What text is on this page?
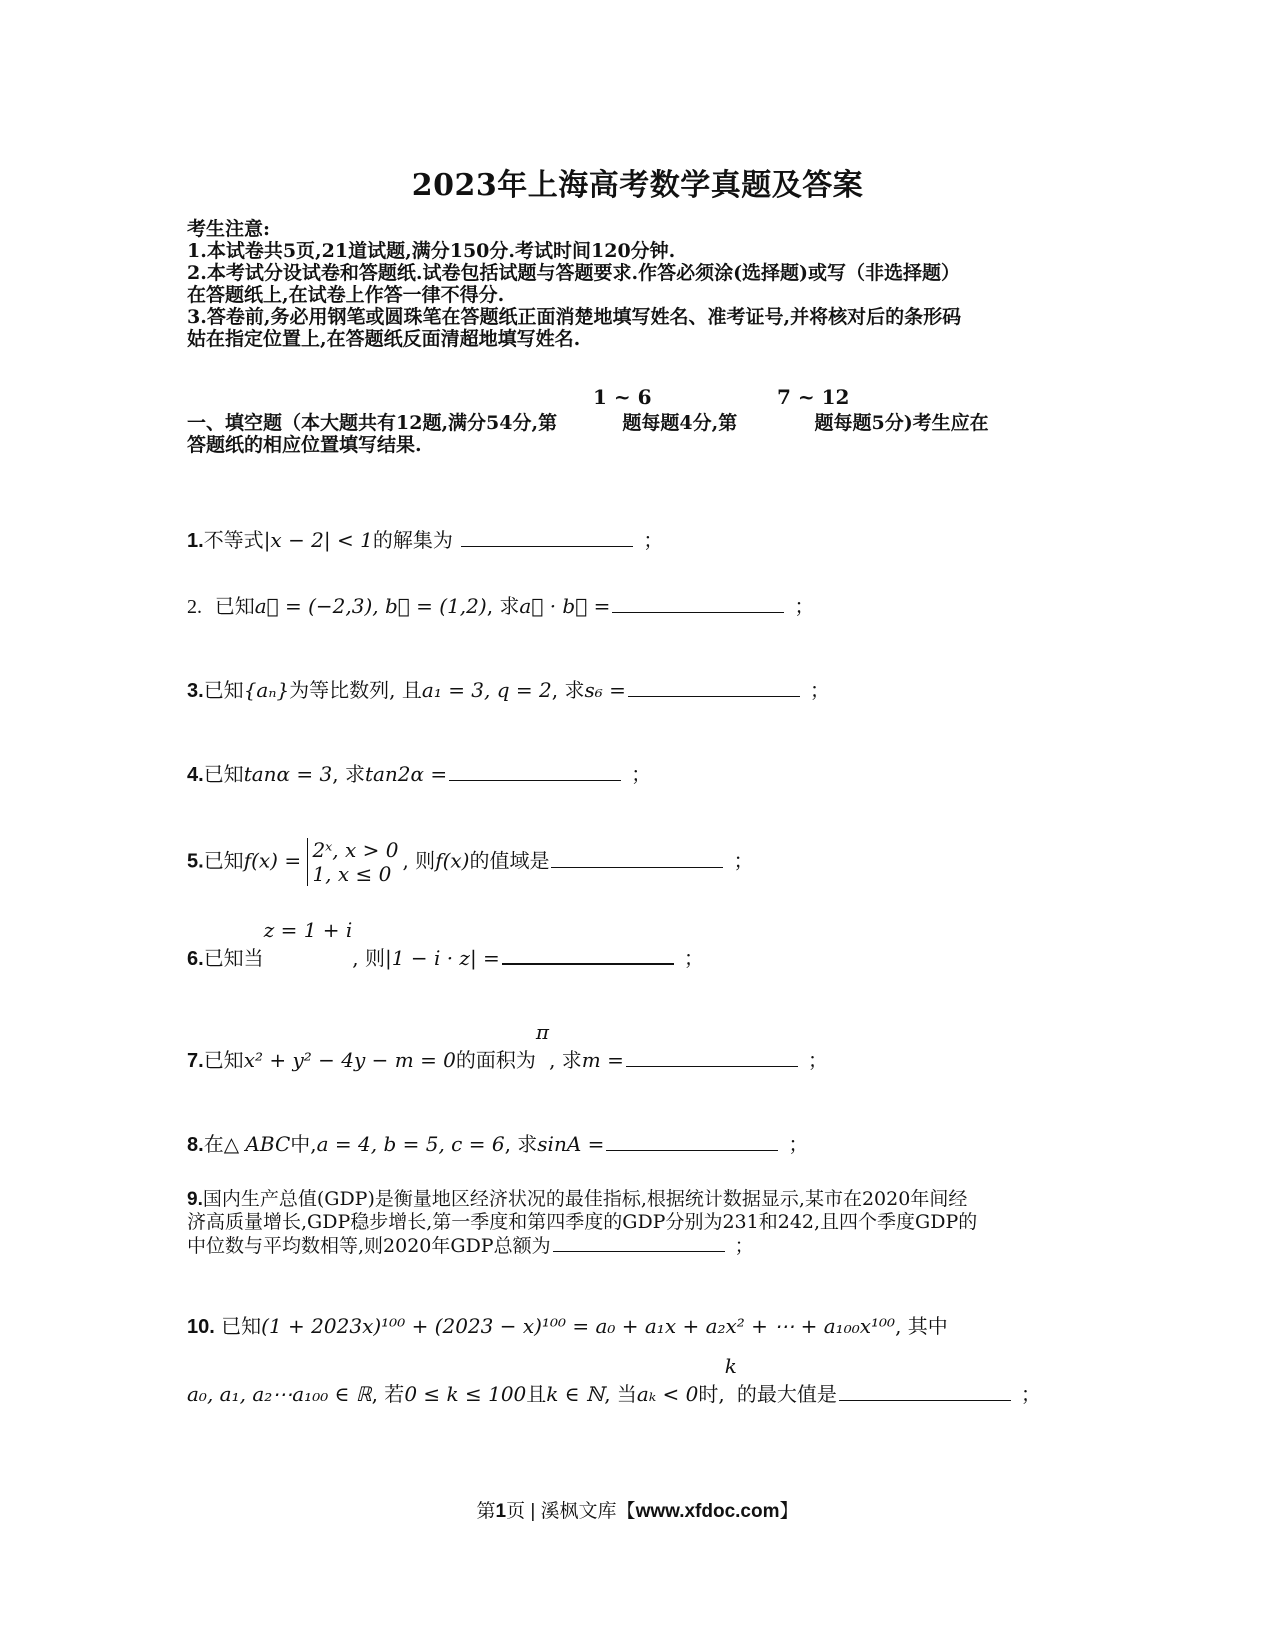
2023年上海高考数学真题及答案
考生注意:
1.本试卷共5页,21道试题,满分150分.考试时间120分钟.
2.本考试分设试卷和答题纸.试卷包括试题与答题要求.作答必须涂(选择题)或写（非选择题）
在答题纸上,在试卷上作答一律不得分.
3.答卷前,务必用钢笔或圆珠笔在答题纸正面消楚地填写姓名、准考证号,并将核对后的条形码
姑在指定位置上,在答题纸反面清超地填写姓名.
一、填空题（本大题共有12题,满分54分,第
1 ~ 6
题每题4分,第
7 ~ 12
题每题5分)考生应在
答题纸的相应位置填写结果.
1.不等式|x − 2| < 1的解集为	；
2. 已知a⃗ = (−2,3), b⃗ = (1,2), 求a⃗ · b⃗ =	；
3.已知{aₙ}为等比数列, 且a₁ = 3, q = 2, 求s₆ =	；
4.已知tanα = 3, 求tan2α =	；
5.已知f(x) = 2ˣ, x > 0
1, x ≤ 0
, 则f(x)的值域是	；
6.已知当z = 1 + i, 则|1 − i · z| =	；
7.已知x² + y² − 4y − m = 0的面积为π, 求m =	；
8.在△ ABC中,a = 4, b = 5, c = 6, 求sinA =	；
9.国内生产总值(GDP)是衡量地区经济状况的最佳指标,根据统计数据显示,某市在2020年间经
济高质量增长,GDP稳步增长,第一季度和第四季度的GDP分别为231和242,且四个季度GDP的
中位数与平均数相等,则2020年GDP总额为	；
10. 已知(1 + 2023x)¹⁰⁰ + (2023 − x)¹⁰⁰ = a₀ + a₁x + a₂x² + ⋯ + a₁₀₀x¹⁰⁰, 其中
a₀, a₁, a₂⋯a₁₀₀ ∈ ℝ, 若0 ≤ k ≤ 100且k ∈ ℕ, 当aₖ < 0时,k的最大值是	；
第1页 | 溪枫文库【www.xfdoc.com】
